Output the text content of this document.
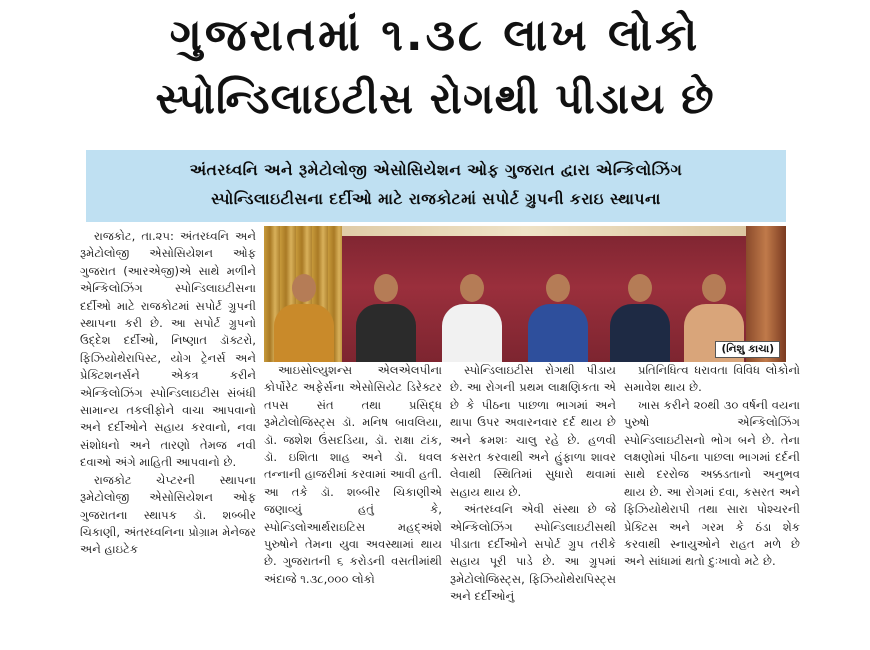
ગુજરાતમાં ૧.૩૮ લાખ લોકો
સ્પોન્ડિલાઇટીસ રોગથી પીડાય છે
અંતરધ્વનિ અને રૂમેટોલોજી એસોસિયેશન ઓફ ગુજરાત દ્વારા એન્કિલોઝિંગ
સ્પોન્ડિલાઇટીસના દર્દીઓ માટે રાજકોટમાં સપોર્ટ ગ્રુપની કરાઇ સ્થાપના

રાજકોટ, તા.૨૫: અંતરધ્વનિ અને રૂમેટોલોજી એસોસિયેશન ઓફ ગુજરાત (આરએજી)એ સાથે મળીને એન્કિલોઝિંગ સ્પોન્ડિલાઇટીસના દર્દીઓ માટે રાજકોટમાં સપોર્ટ ગ્રુપની સ્થાપના કરી છે. આ સપોર્ટ ગ્રુપનો ઉદ્દેશ દર્દીઓ, નિષ્ણાત ડૉક્ટરો, ફિઝિયોથેરાપિસ્ટ, યોગ ટ્રેનર્સ અને પ્રેક્ટિશનર્સને એકત્ર કરીને એન્કિલોઝિંગ સ્પોન્ડિલાઇટીસ સંબંધી સામાન્ય તકલીફોને વાચા આપવાનો અને દર્દીઓને સહાય કરવાનો, નવા સંશોધનો અને તારણો તેમજ નવી દવાઓ અંગે માહિતી આપવાનો છે.

રાજકોટ ચેપ્ટરની સ્થાપના રૂમેટોલોજી એસોસિયેશન ઓફ ગુજરાતના સ્થાપક ડૉ. શબ્બીર ચિકાણી, અંતરધ્વનિના પ્રોગ્રામ મેનેજર અને હાઇટેક

(નિશુ કાચા)

આઇસોલ્યુશન્સ એલએલપીના કોર્પોરેટ અફેર્સના એસોસિયેટ ડિરેક્ટર તપસ સંત તથા પ્રસિદ્ધ રૂમેટોલોજિસ્ટ્સ ડૉ. મનિષ બાવલિયા, ડૉ. જશેશ ઉંસદડિયા, ડૉ. રાક્ષા ટાંક, ડૉ. ઇશિતા શાહ અને ડૉ. ધવલ તન્નાની હાજરીમાં કરવામાં આવી હતી. આ તકે ડૉ. શબ્બીર ચિકાણીએ જણાવ્યું હતું કે, સ્પોન્ડિલોઆર્થરાઇટિસ મહદ્અંશે પુરુષોને તેમના યુવા અવસ્થામાં થાય છે. ગુજરાતની ૬ કરોડની વસતીમાંથી અંદાજે ૧.૩૮,૦૦૦ લોકો

સ્પોન્ડિલાઇટીસ રોગથી પીડાય છે. આ રોગની પ્રથમ લાક્ષણિકતા એ છે કે પીઠના પાછળા ભાગમાં અને થાપા ઉપર અવારનવાર દર્દ થાય છે અને ક્રમશઃ ચાલુ રહે છે. હળવી કસરત કરવાથી અને હુંફાળા શાવર લેવાથી સ્થિતિમાં સુધારો થવામાં સહાય થાય છે.

અંતરધ્વનિ એવી સંસ્થા છે જે એન્કિલોઝિંગ સ્પોન્ડિલાઇટીસથી પીડાતા દર્દીઓને સપોર્ટ ગ્રુપ તરીકે સહાય પૂરી પાડે છે. આ ગ્રુપમાં રૂમેટોલોજિસ્ટ્સ, ફિઝિયોથેરાપિસ્ટ્સ અને દર્દીઓનું

પ્રતિનિધિત્વ ધરાવતા વિવિધ લોકોનો સમાવેશ થાય છે.

ખાસ કરીને ૨૦થી ૩૦ વર્ષની વયના પુરુષો એન્કિલોઝિંગ સ્પોન્ડિલાઇટીસનો ભોગ બને છે. તેના લક્ષણોમાં પીઠના પાછલા ભાગમાં દર્દની સાથે દરરોજ અક્કડતાનો અનુભવ થાય છે. આ રોગમાં દવા, કસરત અને ફિઝિયોથેરાપી તથા સારા પોશ્ચરની પ્રેક્ટિસ અને ગરમ કે ઠંડા શેક કરવાથી સ્નાયુઓને રાહત મળે છે અને સાંધામાં થતો દુઃખાવો મટે છે.
